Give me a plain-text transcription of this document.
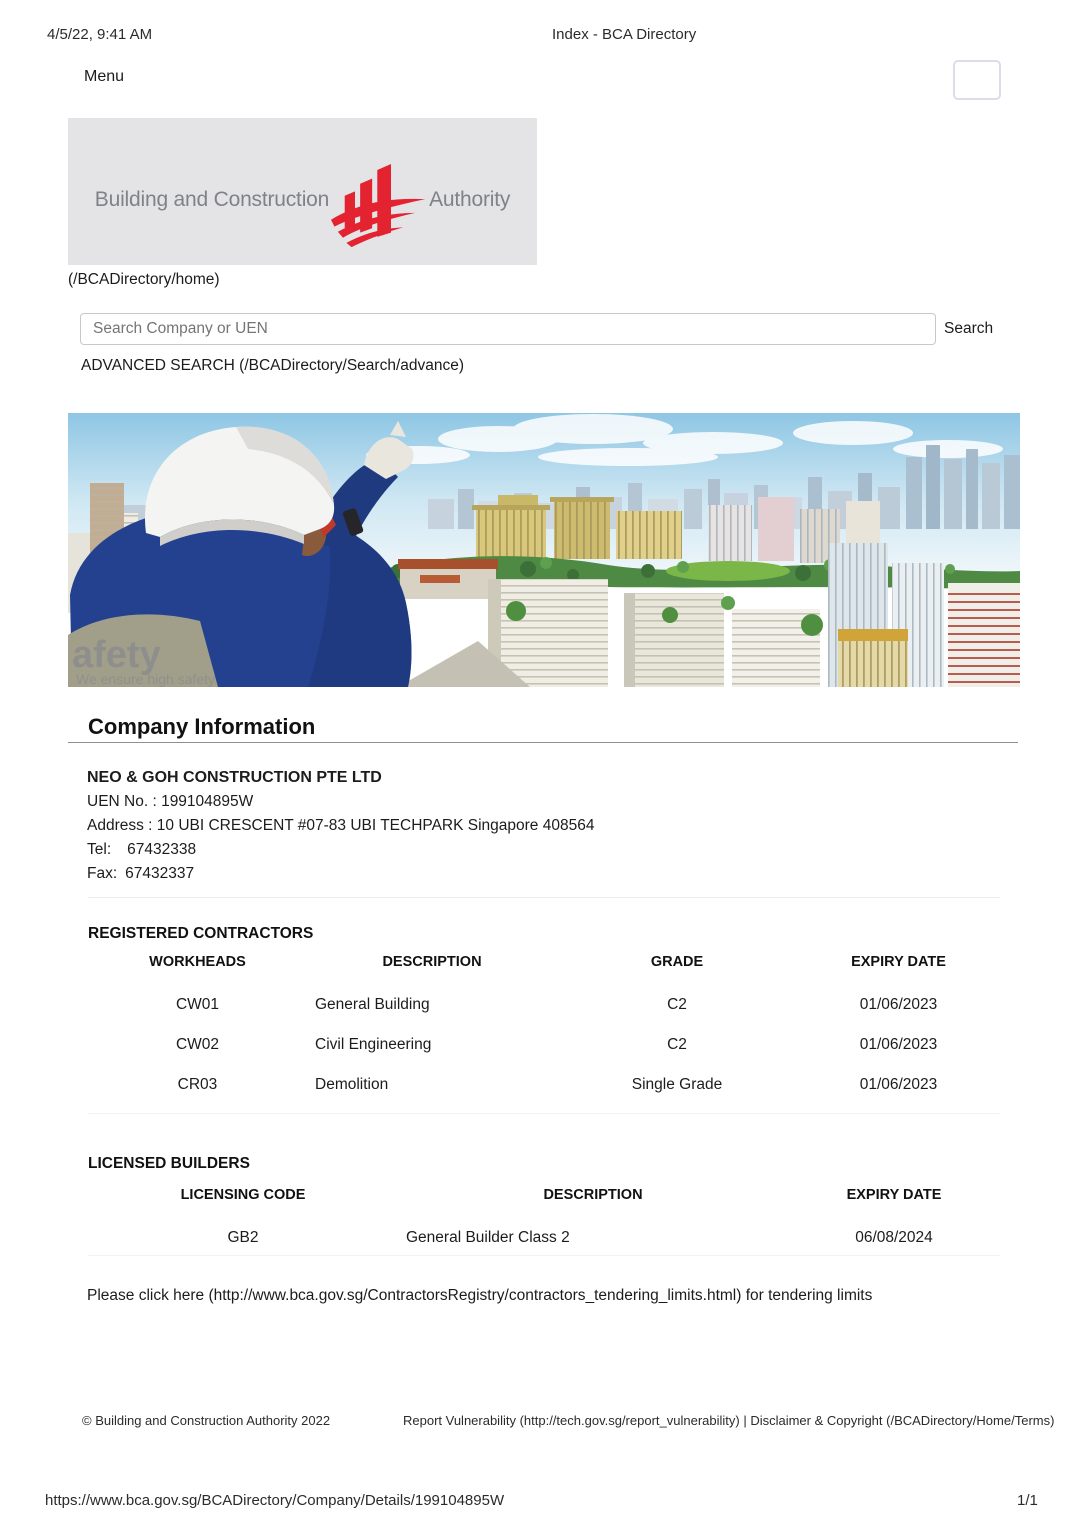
4/5/22, 9:41 AM	Index - BCA Directory
Menu
Building and Construction	Authority
(/BCADirectory/home)
Search Company or UEN
Search
ADVANCED SEARCH (/BCADirectory/Search/advance)
afety
We ensure high safety
Company Information
NEO & GOH CONSTRUCTION PTE LTD
UEN No. : 199104895W
Address : 10 UBI CRESCENT #07-83 UBI TECHPARK Singapore 408564
Tel: 67432338
Fax: 67432337
REGISTERED CONTRACTORS
WORKHEADS	DESCRIPTION	GRADE	EXPIRY DATE
CW01	General Building	C2	01/06/2023
CW02	Civil Engineering	C2	01/06/2023
CR03	Demolition	Single Grade	01/06/2023
LICENSED BUILDERS
LICENSING CODE	DESCRIPTION	EXPIRY DATE
GB2	General Builder Class 2	06/08/2024
Please click here (http://www.bca.gov.sg/ContractorsRegistry/contractors_tendering_limits.html) for tendering limits
© Building and Construction Authority 2022	Report Vulnerability (http://tech.gov.sg/report_vulnerability) | Disclaimer & Copyright (/BCADirectory/Home/Terms)
https://www.bca.gov.sg/BCADirectory/Company/Details/199104895W	1/1
